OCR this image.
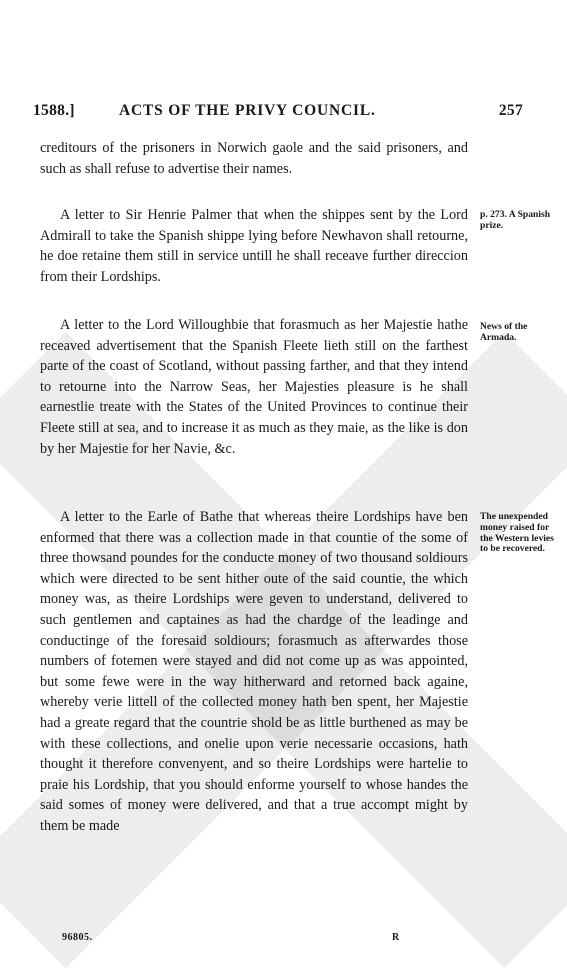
1588.]	ACTS OF THE PRIVY COUNCIL.	257

creditours of the prisoners in Norwich gaole and the said prisoners, and such as shall refuse to advertise their names.

A letter to Sir Henrie Palmer that when the shippes sent by the Lord Admirall to take the Spanish shippe lying before Newhavon shall retourne, he doe retaine them still in service untill he shall receave further direccion from their Lordships.

A letter to the Lord Willoughbie that forasmuch as her Majestie hathe receaved advertisement that the Spanish Fleete lieth still on the farthest parte of the coast of Scotland, without passing farther, and that they intend to retourne into the Narrow Seas, her Majesties pleasure is he shall earnestlie treate with the States of the United Provinces to continue their Fleete still at sea, and to increase it as much as they maie, as the like is don by her Majestie for her Navie, &c.

A letter to the Earle of Bathe that whereas theire Lordships have ben enformed that there was a collection made in that countie of the some of three thowsand poundes for the conducte money of two thousand soldiours which were directed to be sent hither oute of the said countie, the which money was, as theire Lordships were geven to understand, delivered to such gentlemen and captaines as had the chardge of the leadinge and conductinge of the foresaid soldiours; forasmuch as afterwardes those numbers of fotemen were stayed and did not come up as was appointed, but some fewe were in the way hitherward and retorned back againe, whereby verie littell of the collected money hath ben spent, her Majestie had a greate regard that the countrie shold be as little burthened as may be with these collections, and onelie upon verie necessarie occasions, hath thought it therefore convenyent, and so theire Lordships were hartelie to praie his Lordship, that you should enforme yourself to whose handes the said somes of money were delivered, and that a true accompt might by them be made

p. 273. A Spanish prize.
News of the Armada.
The unexpended money raised for the Western levies to be recovered.
96805.	R
